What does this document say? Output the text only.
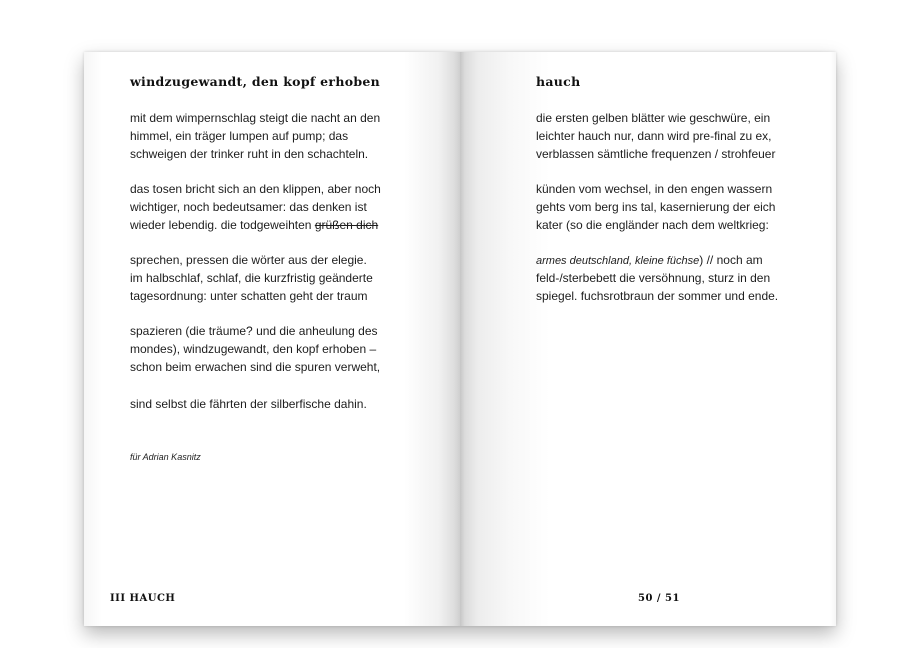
windzugewandt, den kopf erhoben
mit dem wimpernschlag steigt die nacht an den
himmel, ein träger lumpen auf pump; das
schweigen der trinker ruht in den schachteln.
das tosen bricht sich an den klippen, aber noch
wichtiger, noch bedeutsamer: das denken ist
wieder lebendig. die todgeweihten grüßen dich
sprechen, pressen die wörter aus der elegie.
im halbschlaf, schlaf, die kurzfristig geänderte
tagesordnung: unter schatten geht der traum
spazieren (die träume? und die anheulung des
mondes), windzugewandt, den kopf erhoben –
schon beim erwachen sind die spuren verweht,
sind selbst die fährten der silberfische dahin.
für Adrian Kasnitz
III HAUCH
hauch
die ersten gelben blätter wie geschwüre, ein
leichter hauch nur, dann wird pre-final zu ex,
verblassen sämtliche frequenzen / strohfeuer
künden vom wechsel, in den engen wassern
gehts vom berg ins tal, kasernierung der eich
kater (so die engländer nach dem weltkrieg:
armes deutschland, kleine füchse) // noch am
feld-/sterbebett die versöhnung, sturz in den
spiegel. fuchsrotbraun der sommer und ende.
50 / 51
